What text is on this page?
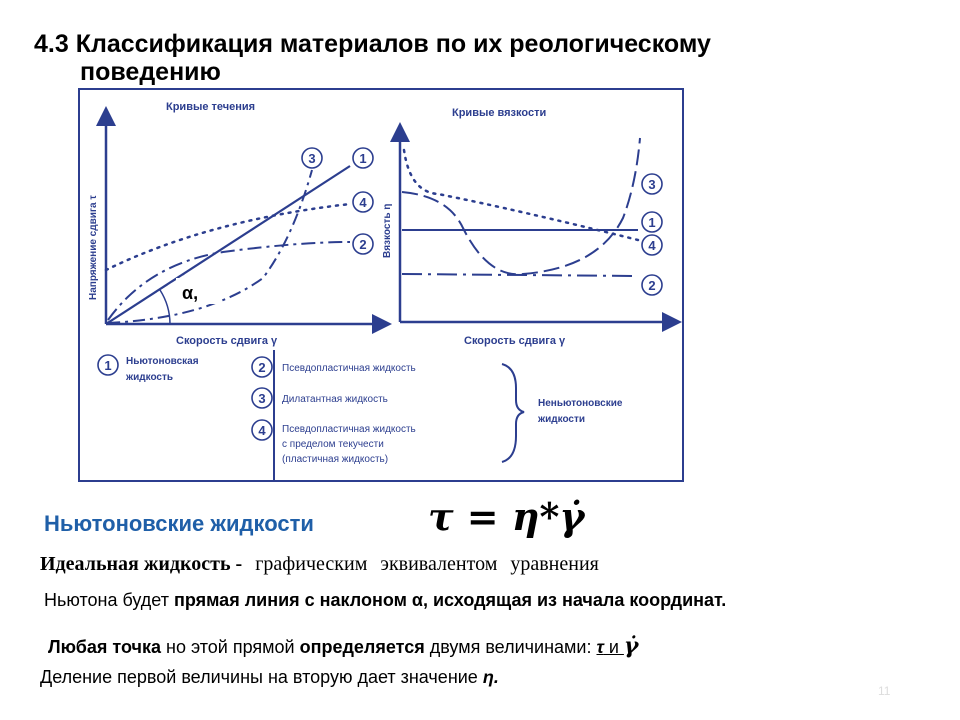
4.3 Классификация материалов по их реологическому
поведению
Кривые течения
Напряжение сдвига τ
Скорость сдвига γ
α,
1
4
2
3
Кривые вязкости
Вязкость η
Скорость сдвига γ
3
1
4
2
1 Ньютоновская
жидкость
2 Псевдопластичная жидкость
3 Дилатантная жидкость
4 Псевдопластичная жидкость
с пределом текучести
(пластичная жидкость)
Неньютоновские
жидкости
Ньютоновские жидкости	τ = η*γ̇
Идеальная жидкость - графическим эквивалентом уравнения
Ньютона будет прямая линия с наклоном α, исходящая из начала координат.
Любая точка но этой прямой определяется двумя величинами: τ и γ̇
Деление первой величины на вторую дает значение η.
11
